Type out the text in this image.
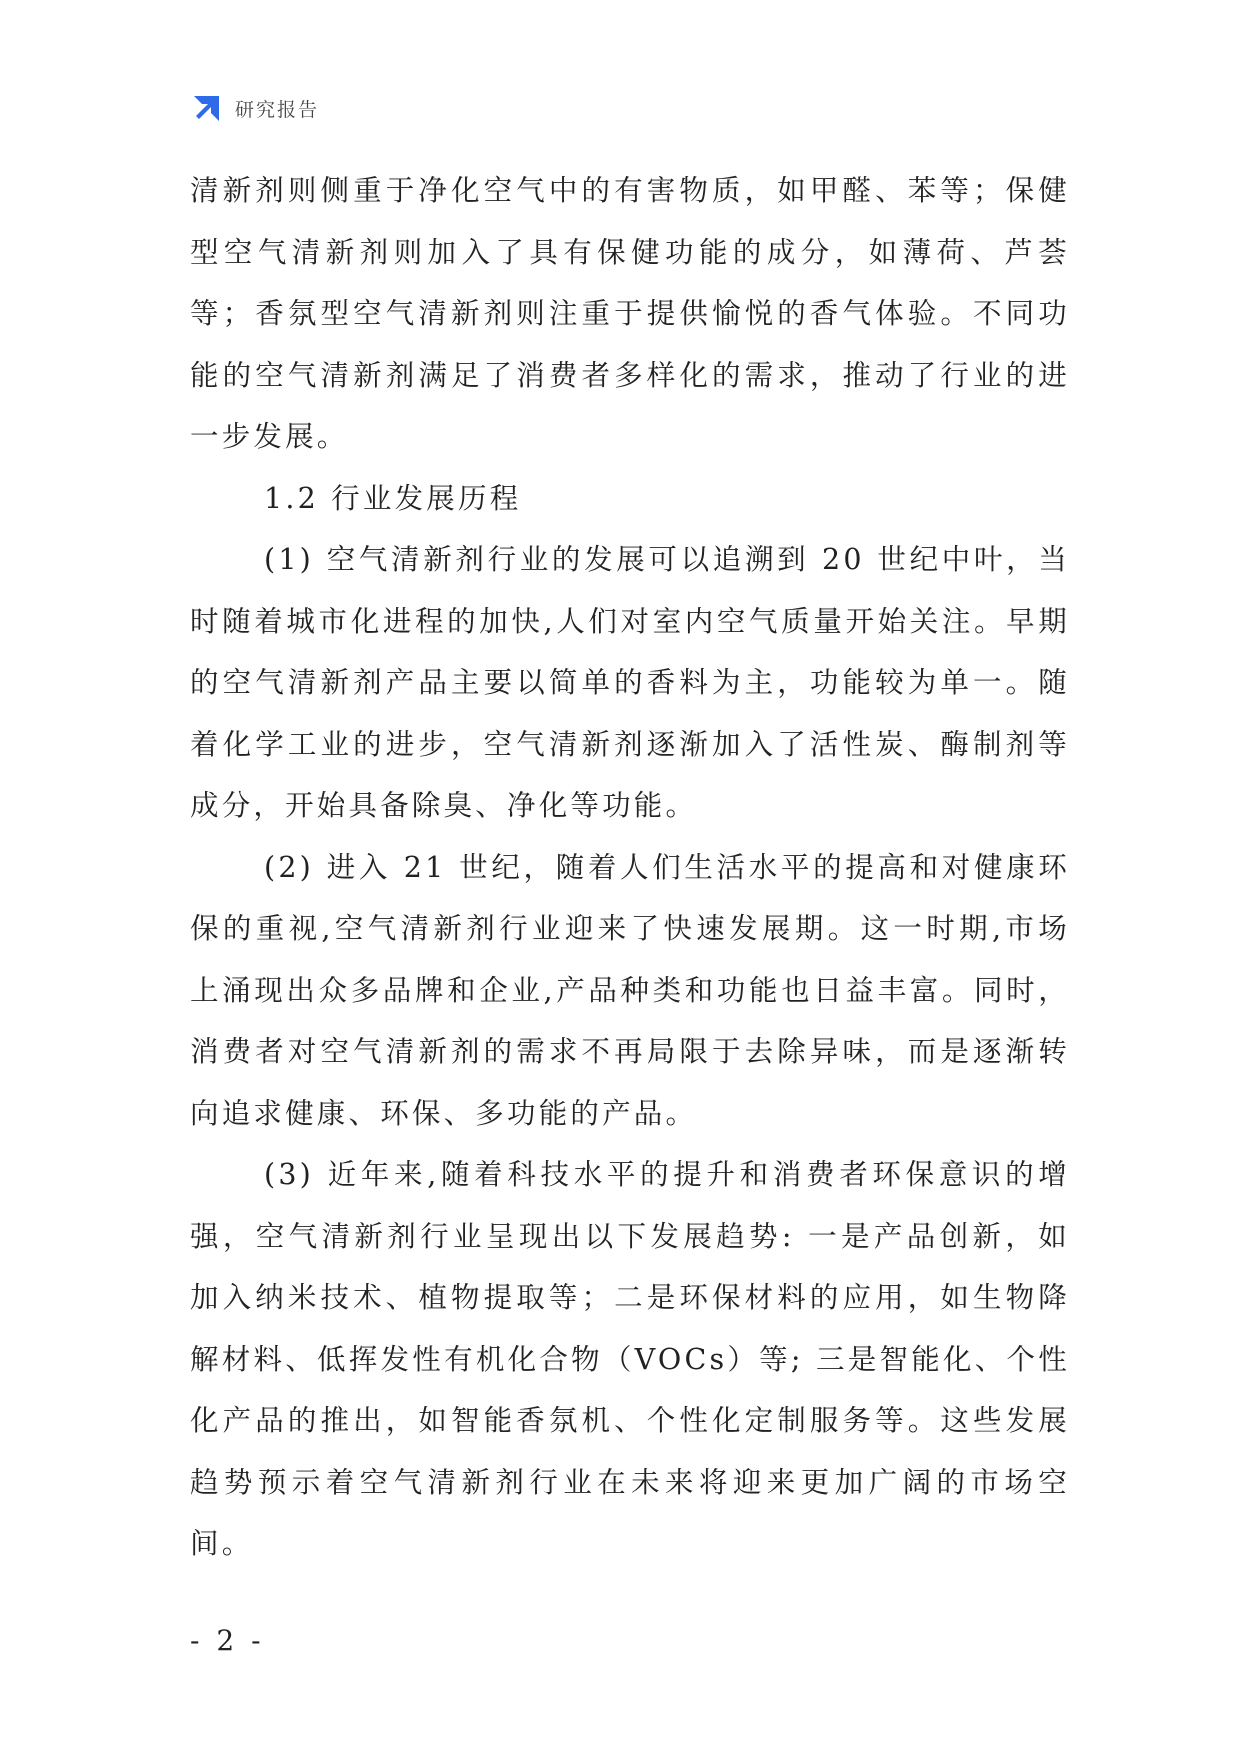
研究报告

清新剂则侧重于净化空气中的有害物质，如甲醛、苯等；保健型空气清新剂则加入了具有保健功能的成分，如薄荷、芦荟等；香氛型空气清新剂则注重于提供愉悦的香气体验。不同功能的空气清新剂满足了消费者多样化的需求，推动了行业的进一步发展。

1.2 行业发展历程

(1) 空气清新剂行业的发展可以追溯到 20 世纪中叶，当时随着城市化进程的加快,人们对室内空气质量开始关注。早期的空气清新剂产品主要以简单的香料为主，功能较为单一。随着化学工业的进步，空气清新剂逐渐加入了活性炭、酶制剂等成分，开始具备除臭、净化等功能。

(2) 进入 21 世纪，随着人们生活水平的提高和对健康环保的重视,空气清新剂行业迎来了快速发展期。这一时期,市场上涌现出众多品牌和企业,产品种类和功能也日益丰富。同时，消费者对空气清新剂的需求不再局限于去除异味，而是逐渐转向追求健康、环保、多功能的产品。

(3) 近年来,随着科技水平的提升和消费者环保意识的增强，空气清新剂行业呈现出以下发展趋势: 一是产品创新，如加入纳米技术、植物提取等；二是环保材料的应用，如生物降解材料、低挥发性有机化合物（VOCs）等; 三是智能化、个性化产品的推出，如智能香氛机、个性化定制服务等。这些发展趋势预示着空气清新剂行业在未来将迎来更加广阔的市场空间。

- 2 -
